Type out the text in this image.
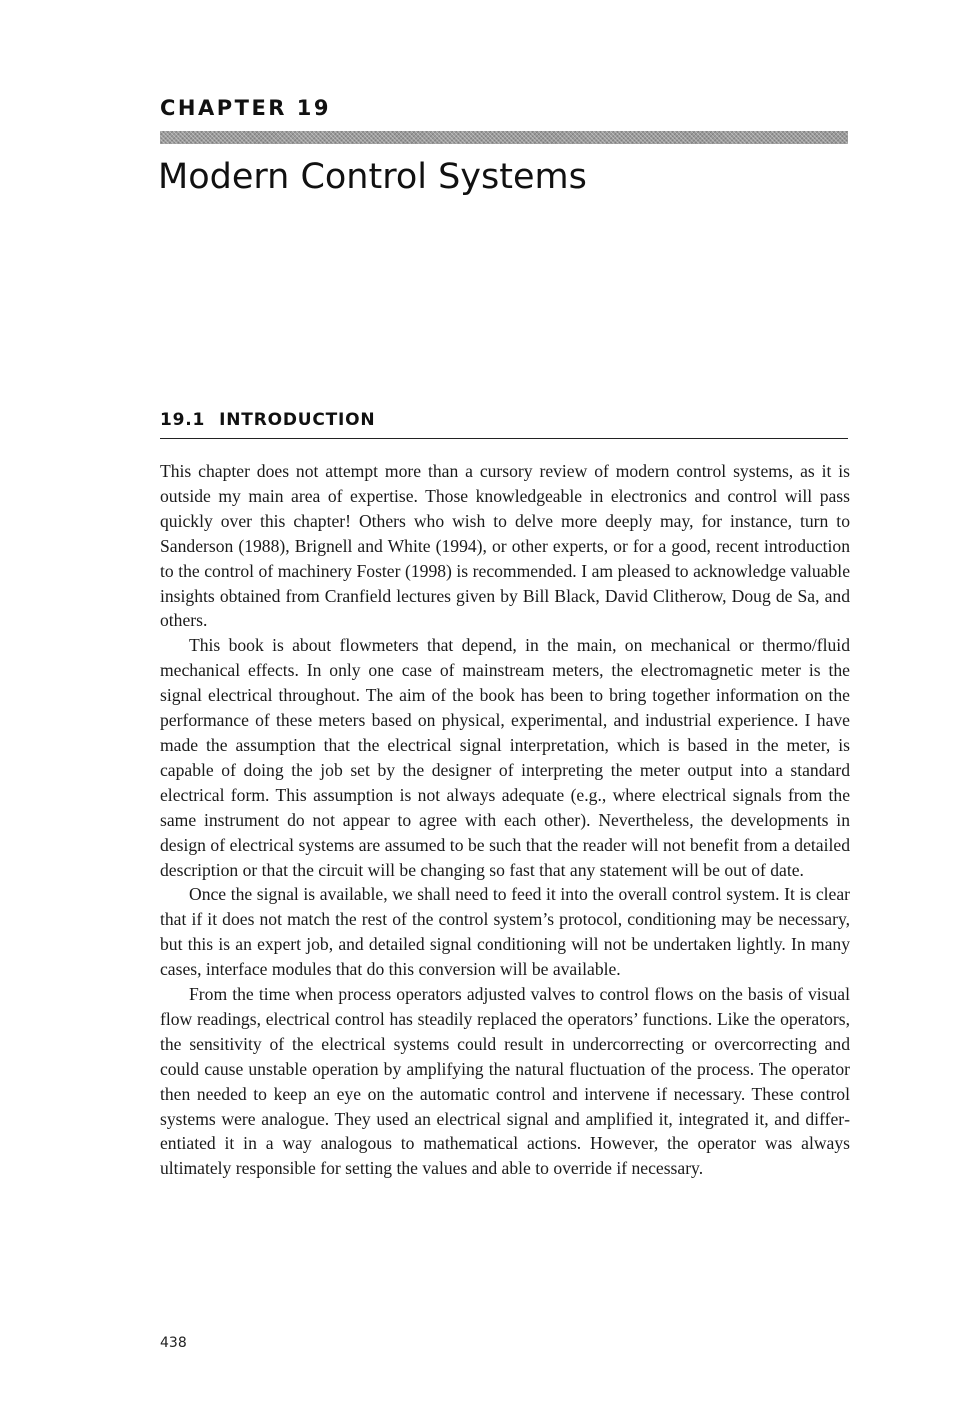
CHAPTER 19
Modern Control Systems
19.1 INTRODUCTION

This chapter does not attempt more than a cursory review of modern control systems, as it is outside my main area of expertise. Those knowledgeable in electronics and control will pass quickly over this chapter! Others who wish to delve more deeply may, for instance, turn to Sanderson (1988), Brignell and White (1994), or other experts, or for a good, recent introduction to the control of machinery Foster (1998) is recommended. I am pleased to acknowledge valuable insights obtained from Cranfield lectures given by Bill Black, David Clitherow, Doug de Sa, and others.

This book is about flowmeters that depend, in the main, on mechanical or thermo/fluid mechanical effects. In only one case of mainstream meters, the electromagnetic meter is the signal electrical throughout. The aim of the book has been to bring together information on the performance of these meters based on physical, experimental, and industrial experience. I have made the assumption that the electrical signal interpretation, which is based in the meter, is capable of doing the job set by the designer of interpreting the meter output into a standard electrical form. This assumption is not always adequate (e.g., where electrical signals from the same instrument do not appear to agree with each other). Nevertheless, the developments in design of electrical systems are assumed to be such that the reader will not benefit from a detailed description or that the circuit will be changing so fast that any statement will be out of date.

Once the signal is available, we shall need to feed it into the overall control system. It is clear that if it does not match the rest of the control system’s protocol, conditioning may be necessary, but this is an expert job, and detailed signal conditioning will not be undertaken lightly. In many cases, interface modules that do this conversion will be available.

From the time when process operators adjusted valves to control flows on the basis of visual flow readings, electrical control has steadily replaced the operators’ functions. Like the operators, the sensitivity of the electrical systems could result in undercorrecting or overcorrecting and could cause unstable operation by amplifying the natural fluctuation of the process. The operator then needed to keep an eye on the automatic control and intervene if necessary. These control systems were analogue. They used an electrical signal and amplified it, integrated it, and differentiated it in a way analogous to mathematical actions. However, the operator was always ultimately responsible for setting the values and able to override if necessary.

438
